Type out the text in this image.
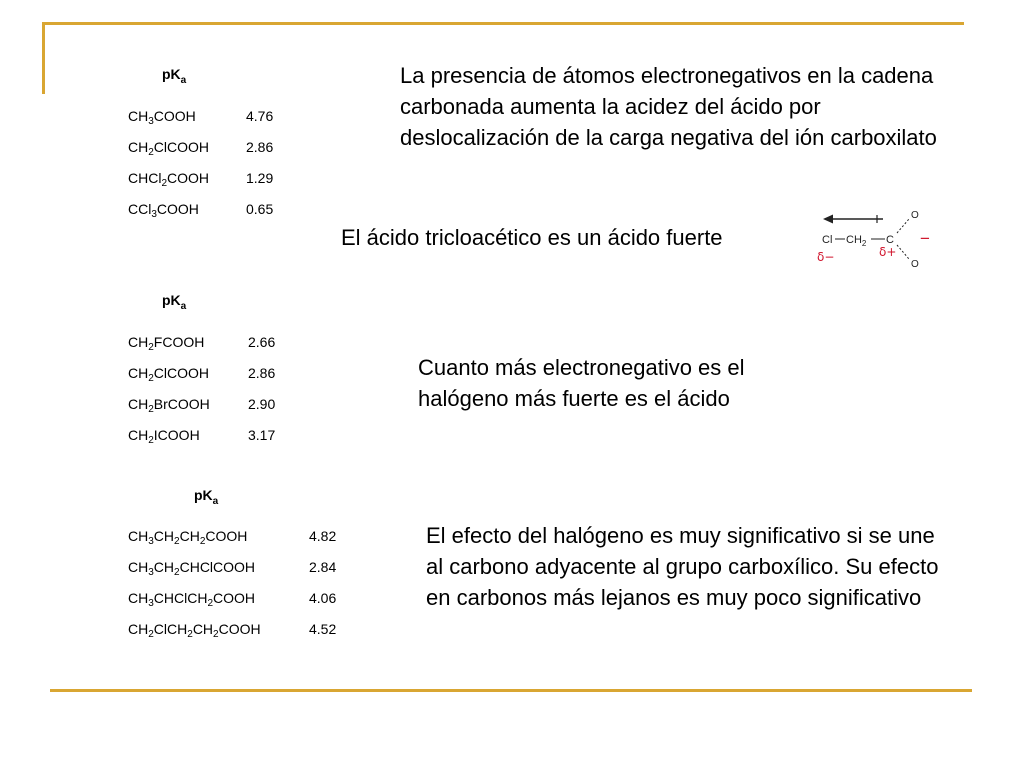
$pK_a$
$CH_3COOH$	4.76
$CH_2ClCOOH$	2.86
CHCl$_2$COOH	1.29
CCl$_3$COOH	0.65
$pK_a$
$CH_2FCOOH$	2.66
$CH_2ClCOOH$	2.86
$CH_2BrCOOH$	2.90
$CH_2ICOOH$	3.17
$pK_a$
$CH_3CH_2CH_2COOH$	4.82
$CH_3CH_2CHClCOOH$	2.84
$CH_3CHClCH_2COOH$	4.06
$CH_2ClCH_2CH_2COOH$	4.52
La presencia de átomos electronegativos en la cadena carbonada aumenta la acidez del ácido por deslocalización de la carga negativa del ión carboxilato
El ácido tricloacético es un ácido fuerte
Cuanto más electronegativo es el halógeno más fuerte es el ácido
El efecto del halógeno es muy significativo si se une al carbono adyacente al grupo carboxílico. Su efecto en carbonos más lejanos es muy poco significativo
Cl $CH_2$ C
O
O
−
δ−	δ+
